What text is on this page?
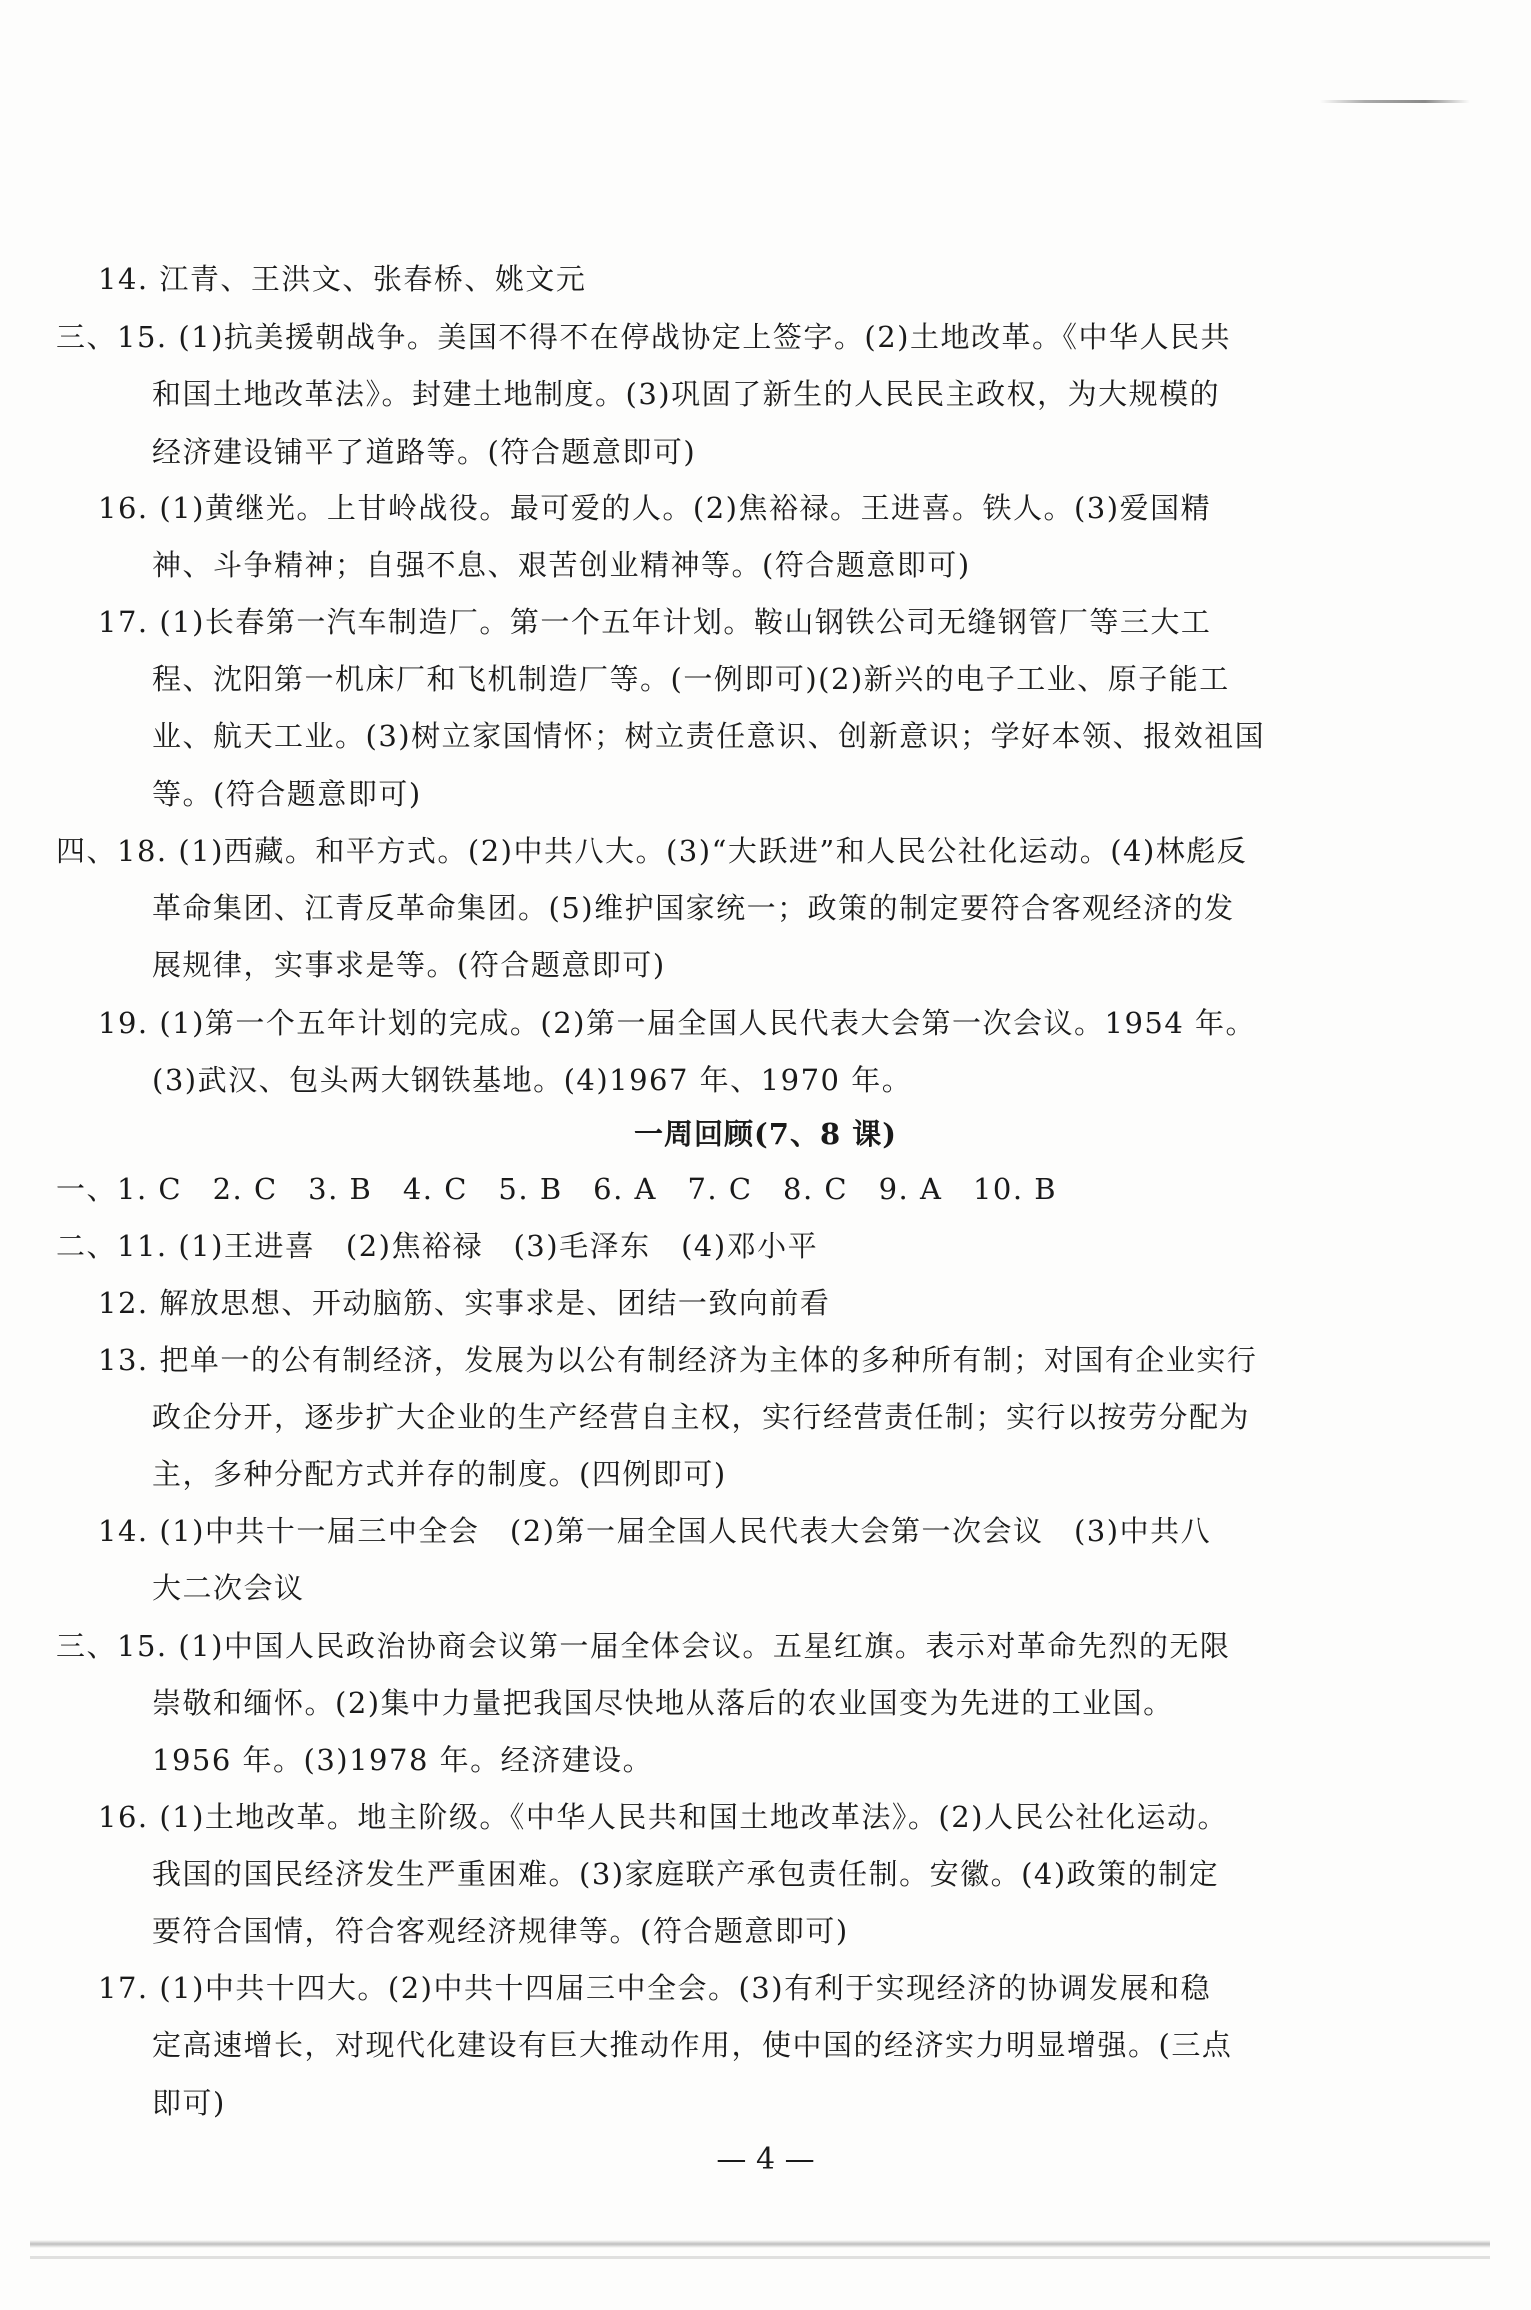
14. 江青、王洪文、张春桥、姚文元
三、15. (1)抗美援朝战争。美国不得不在停战协定上签字。(2)土地改革。《中华人民共
和国土地改革法》。封建土地制度。(3)巩固了新生的人民民主政权，为大规模的
经济建设铺平了道路等。(符合题意即可)
16. (1)黄继光。上甘岭战役。最可爱的人。(2)焦裕禄。王进喜。铁人。(3)爱国精
神、斗争精神；自强不息、艰苦创业精神等。(符合题意即可)
17. (1)长春第一汽车制造厂。第一个五年计划。鞍山钢铁公司无缝钢管厂等三大工
程、沈阳第一机床厂和飞机制造厂等。(一例即可)(2)新兴的电子工业、原子能工
业、航天工业。(3)树立家国情怀；树立责任意识、创新意识；学好本领、报效祖国
等。(符合题意即可)
四、18. (1)西藏。和平方式。(2)中共八大。(3)“大跃进”和人民公社化运动。(4)林彪反
革命集团、江青反革命集团。(5)维护国家统一；政策的制定要符合客观经济的发
展规律，实事求是等。(符合题意即可)
19. (1)第一个五年计划的完成。(2)第一届全国人民代表大会第一次会议。1954 年。
(3)武汉、包头两大钢铁基地。(4)1967 年、1970 年。
一周回顾(7、8 课)
一、1. C　2. C　3. B　4. C　5. B　6. A　7. C　8. C　9. A　10. B
二、11. (1)王进喜　(2)焦裕禄　(3)毛泽东　(4)邓小平
12. 解放思想、开动脑筋、实事求是、团结一致向前看
13. 把单一的公有制经济，发展为以公有制经济为主体的多种所有制；对国有企业实行
政企分开，逐步扩大企业的生产经营自主权，实行经营责任制；实行以按劳分配为
主，多种分配方式并存的制度。(四例即可)
14. (1)中共十一届三中全会　(2)第一届全国人民代表大会第一次会议　(3)中共八
大二次会议
三、15. (1)中国人民政治协商会议第一届全体会议。五星红旗。表示对革命先烈的无限
崇敬和缅怀。(2)集中力量把我国尽快地从落后的农业国变为先进的工业国。
1956 年。(3)1978 年。经济建设。
16. (1)土地改革。地主阶级。《中华人民共和国土地改革法》。(2)人民公社化运动。
我国的国民经济发生严重困难。(3)家庭联产承包责任制。安徽。(4)政策的制定
要符合国情，符合客观经济规律等。(符合题意即可)
17. (1)中共十四大。(2)中共十四届三中全会。(3)有利于实现经济的协调发展和稳
定高速增长，对现代化建设有巨大推动作用，使中国的经济实力明显增强。(三点
即可)
— 4 —
